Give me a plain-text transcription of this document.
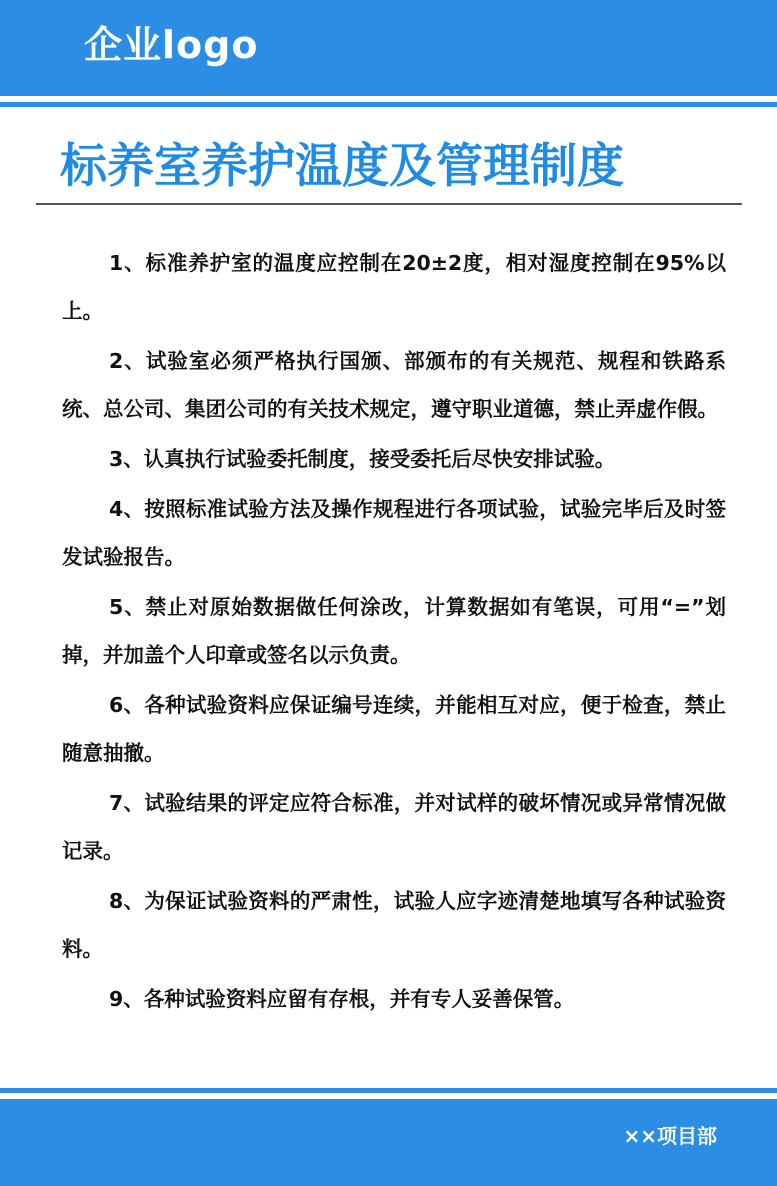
企业logo
标养室养护温度及管理制度
1、标准养护室的温度应控制在20±2度，相对湿度控制在95%以上。
2、试验室必须严格执行国颁、部颁布的有关规范、规程和铁路系统、总公司、集团公司的有关技术规定，遵守职业道德，禁止弄虚作假。
3、认真执行试验委托制度，接受委托后尽快安排试验。
4、按照标准试验方法及操作规程进行各项试验，试验完毕后及时签发试验报告。
5、禁止对原始数据做任何涂改，计算数据如有笔误，可用“=”划掉，并加盖个人印章或签名以示负责。
6、各种试验资料应保证编号连续，并能相互对应，便于检查，禁止随意抽撤。
7、试验结果的评定应符合标准，并对试样的破坏情况或异常情况做记录。
8、为保证试验资料的严肃性，试验人应字迹清楚地填写各种试验资料。
9、各种试验资料应留有存根，并有专人妥善保管。
××项目部
